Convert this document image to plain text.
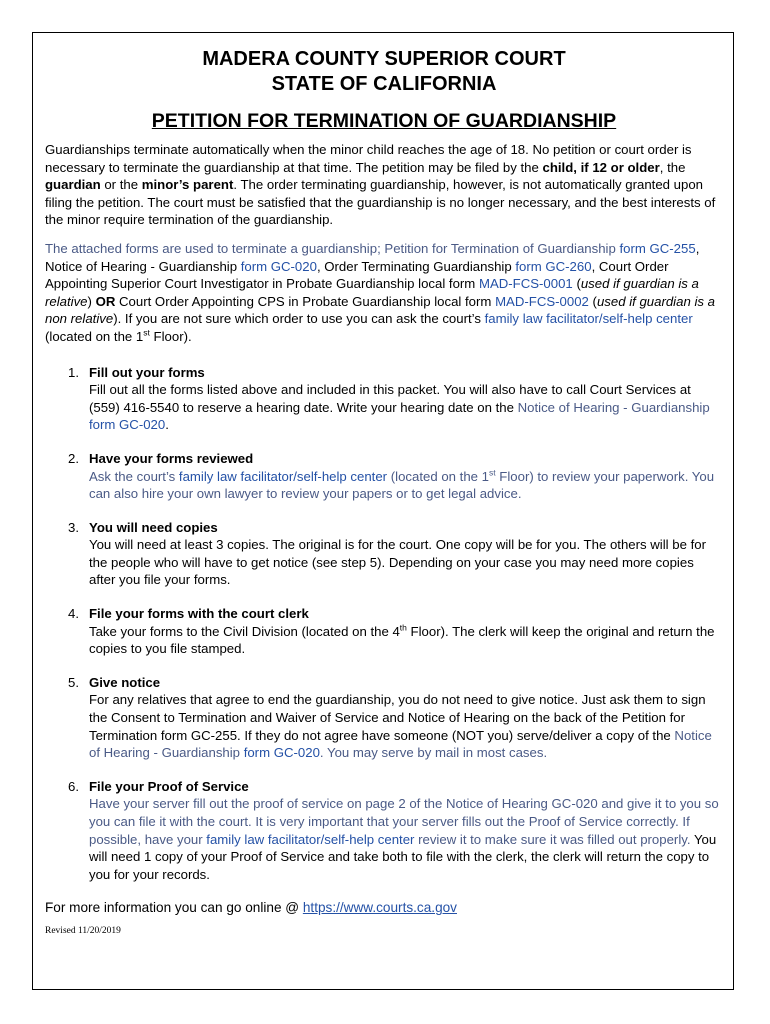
MADERA COUNTY SUPERIOR COURT
STATE OF CALIFORNIA
PETITION FOR TERMINATION OF GUARDIANSHIP

Guardianships terminate automatically when the minor child reaches the age of 18. No petition or court order is necessary to terminate the guardianship at that time. The petition may be filed by the child, if 12 or older, the guardian or the minor’s parent. The order terminating guardianship, however, is not automatically granted upon filing the petition. The court must be satisfied that the guardianship is no longer necessary, and the best interests of the minor require termination of the guardianship.

The attached forms are used to terminate a guardianship; Petition for Termination of Guardianship form GC-255, Notice of Hearing - Guardianship form GC-020, Order Terminating Guardianship form GC-260, Court Order Appointing Superior Court Investigator in Probate Guardianship local form MAD-FCS-0001 (used if guardian is a relative) OR Court Order Appointing CPS in Probate Guardianship local form MAD-FCS-0002 (used if guardian is a non relative). If you are not sure which order to use you can ask the court’s family law facilitator/self-help center (located on the 1st Floor).

1. Fill out your forms
Fill out all the forms listed above and included in this packet. You will also have to call Court Services at (559) 416-5540 to reserve a hearing date. Write your hearing date on the Notice of Hearing - Guardianship form GC-020.
2. Have your forms reviewed
Ask the court’s family law facilitator/self-help center (located on the 1st Floor) to review your paperwork. You can also hire your own lawyer to review your papers or to get legal advice.
3. You will need copies
You will need at least 3 copies. The original is for the court. One copy will be for you. The others will be for the people who will have to get notice (see step 5). Depending on your case you may need more copies after you file your forms.
4. File your forms with the court clerk
Take your forms to the Civil Division (located on the 4th Floor). The clerk will keep the original and return the copies to you file stamped.
5. Give notice
For any relatives that agree to end the guardianship, you do not need to give notice. Just ask them to sign the Consent to Termination and Waiver of Service and Notice of Hearing on the back of the Petition for Termination form GC-255. If they do not agree have someone (NOT you) serve/deliver a copy of the Notice of Hearing - Guardianship form GC-020. You may serve by mail in most cases.
6. File your Proof of Service
Have your server fill out the proof of service on page 2 of the Notice of Hearing GC-020 and give it to you so you can file it with the court. It is very important that your server fills out the Proof of Service correctly. If possible, have your family law facilitator/self-help center review it to make sure it was filled out properly. You will need 1 copy of your Proof of Service and take both to file with the clerk, the clerk will return the copy to you for your records.
For more information you can go online @ https://www.courts.ca.gov
Revised 11/20/2019
